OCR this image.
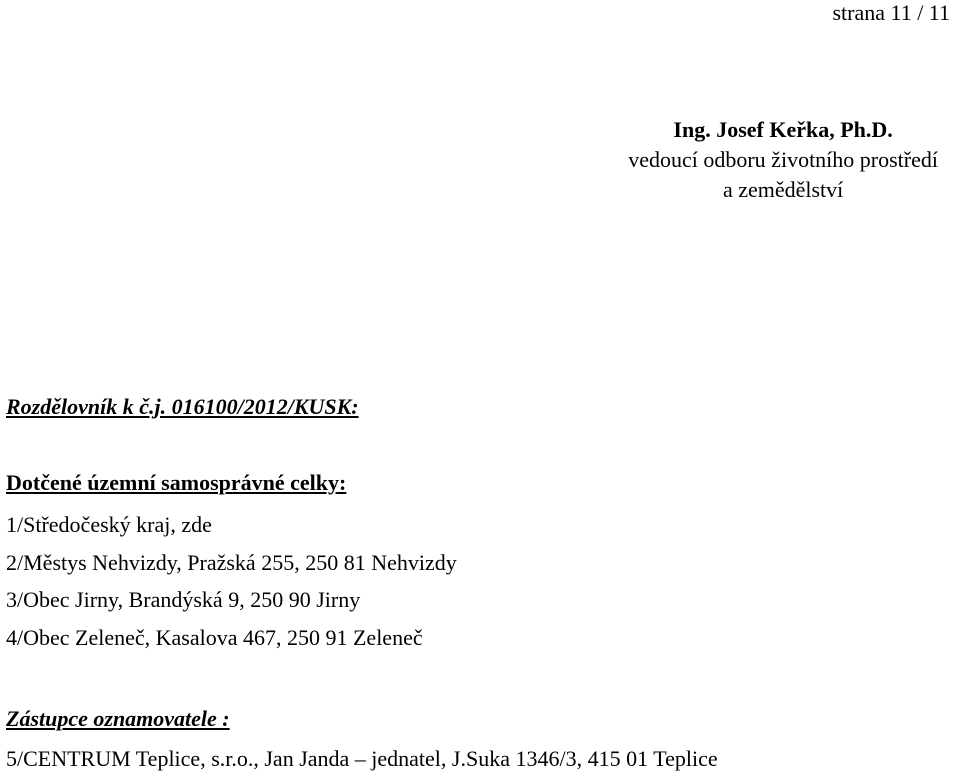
strana 11 / 11
Ing. Josef Keřka, Ph.D.
vedoucí odboru životního prostředí
a zemědělství
Rozdělovník k č.j. 016100/2012/KUSK:
Dotčené územní samosprávné celky:
1/Středočeský kraj, zde
2/Městys Nehvizdy, Pražská 255, 250 81 Nehvizdy
3/Obec Jirny, Brandýská 9, 250 90 Jirny
4/Obec Zeleneč, Kasalova 467, 250 91 Zeleneč
Zástupce oznamovatele :
5/CENTRUM Teplice, s.r.o., Jan Janda – jednatel, J.Suka 1346/3, 415 01 Teplice
